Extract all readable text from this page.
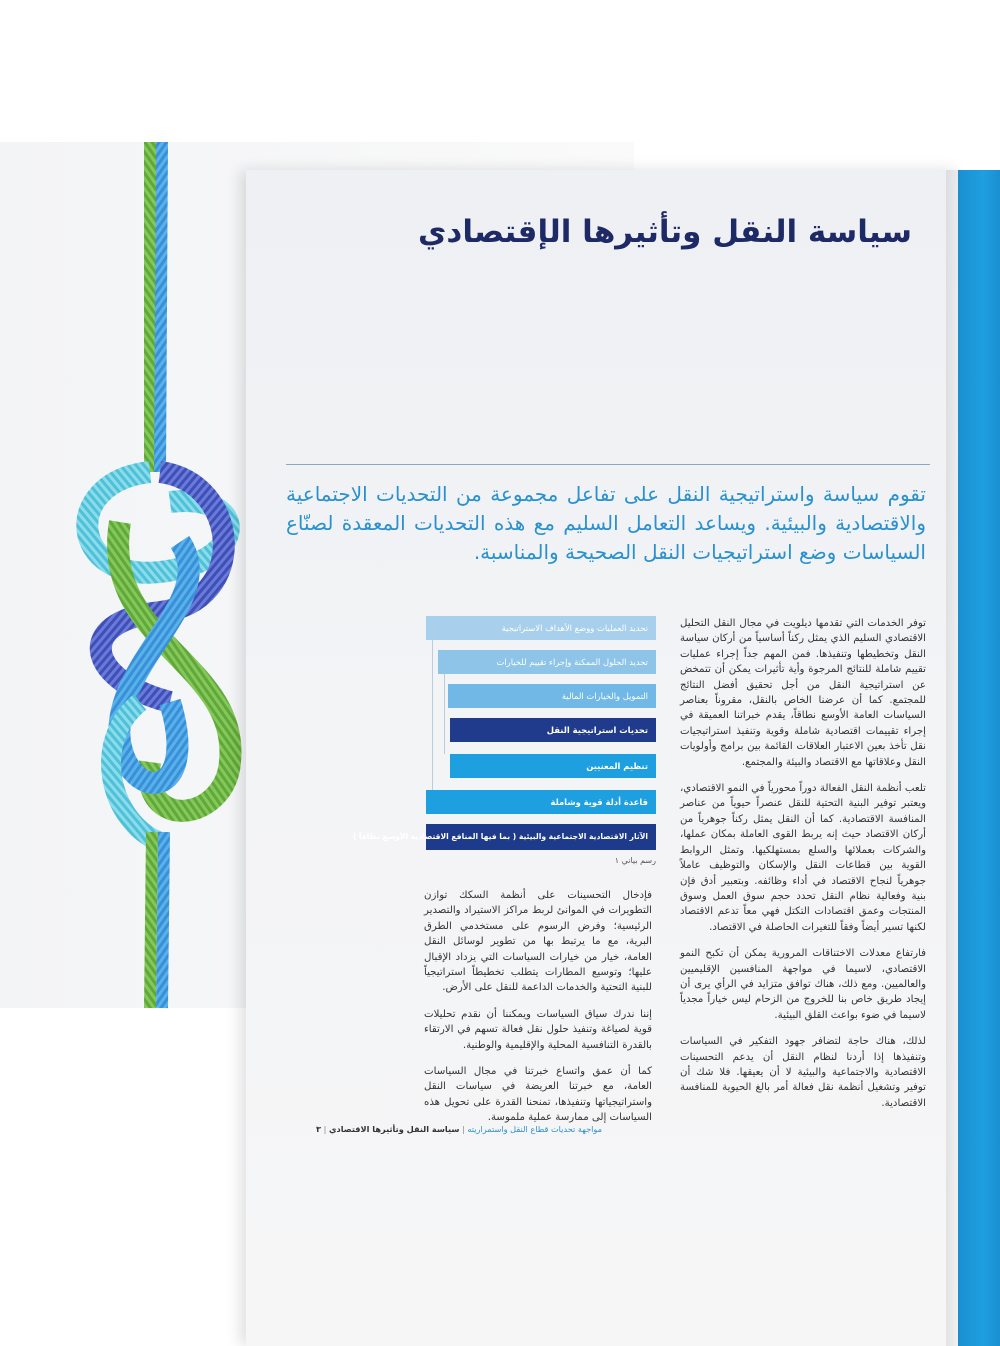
سياسة النقل وتأثيرها الإقتصادي
تقوم سياسة واستراتيجية النقل على تفاعل مجموعة من التحديات الاجتماعية والاقتصادية والبيئية. ويساعد التعامل السليم مع هذه التحديات المعقدة لصنّاع السياسات وضع استراتيجيات النقل الصحيحة والمناسبة.

توفر الخدمات التي تقدمها ديلويت في مجال النقل التحليل الاقتصادي السليم الذي يمثل ركناً أساسياً من أركان سياسة النقل وتخطيطها وتنفيذها. فمن المهم جداً إجراء عمليات تقييم شاملة للنتائج المرجوة وأية تأثيرات يمكن أن تتمخض عن استراتيجية النقل من أجل تحقيق أفضل النتائج للمجتمع. كما أن عرضنا الخاص بالنقل، مقروناً بعناصر السياسات العامة الأوسع نطاقاً، يقدم خبراتنا العميقة في إجراء تقييمات اقتصادية شاملة وقوية وتنفيذ استراتيجيات نقل تأخذ بعين الاعتبار العلاقات القائمة بين برامج وأولويات النقل وعلاقاتها مع الاقتصاد والبيئة والمجتمع.

تلعب أنظمة النقل الفعالة دوراً محورياً في النمو الاقتصادي، ويعتبر توفير البنية التحتية للنقل عنصراً حيوياً من عناصر المنافسة الاقتصادية. كما أن النقل يمثل ركناً جوهرياً من أركان الاقتصاد حيث إنه يربط القوى العاملة بمكان عملها، والشركات بعملائها والسلع بمستهلكيها. وتمثل الروابط القوية بين قطاعات النقل والإسكان والتوظيف عاملاً جوهرياً لنجاح الاقتصاد في أداء وظائفه. وبتعبير أدق فإن بنية وفعالية نظام النقل تحدد حجم سوق العمل وسوق المنتجات وعمق اقتصادات التكتل فهي معاً تدعم الاقتصاد لكنها تسير أيضاً وفقاً للتغيرات الحاصلة في الاقتصاد.

فارتفاع معدلات الاختناقات المرورية يمكن أن تكبح النمو الاقتصادي، لاسيما في مواجهة المنافسين الإقليميين والعالميين. ومع ذلك، هناك توافق متزايد في الرأي يرى أن إيجاد طريق خاص بنا للخروج من الزحام ليس خياراً مجدياً لاسيما في ضوء بواعث القلق البيئية.

لذلك، هناك حاجة لتضافر جهود التفكير في السياسات وتنفيذها إذا أردنا لنظام النقل أن يدعم التحسينات الاقتصادية والاجتماعية والبيئية لا أن يعيقها. فلا شك أن توفير وتشغيل أنظمة نقل فعالة أمر بالغ الحيوية للمنافسة الاقتصادية.

تحديد العمليات ووضع الأهداف الاستراتيجية
تحديد الحلول الممكنة وإجراء تقييم للخيارات
التمويل والخيارات المالية
تحديات استراتيجية النقل
تنظيم المعنيين
قاعدة أدلة قوية وشاملة
الآثار الاقتصادية الاجتماعية والبيئية ( بما فيها المنافع الاقتصادية الأوسع نطاقاً )
رسم بياني ١

فإدخال التحسينات على أنظمة السكك توازن التطويرات في الموانئ لربط مراكز الاستيراد والتصدير الرئيسية؛ وفرض الرسوم على مستخدمي الطرق البرية، مع ما يرتبط بها من تطوير لوسائل النقل العامة، خيار من خيارات السياسات التي يزداد الإقبال عليها؛ وتوسيع المطارات يتطلب تخطيطاً استراتيجياً للبنية التحتية والخدمات الداعمة للنقل على الأرض.

إننا ندرك سياق السياسات ويمكننا أن نقدم تحليلات قوية لصياغة وتنفيذ حلول نقل فعالة تسهم في الارتقاء بالقدرة التنافسية المحلية والإقليمية والوطنية.

كما أن عمق واتساع خبرتنا في مجال السياسات العامة، مع خبرتنا العريضة في سياسات النقل واستراتيجياتها وتنفيذها، تمنحنا القدرة على تحويل هذه السياسات إلى ممارسة عملية ملموسة.

مواجهة تحديات قطاع النقل واستمراريته | سياسة النقل وتأثيرها الاقتصادي | ٣
